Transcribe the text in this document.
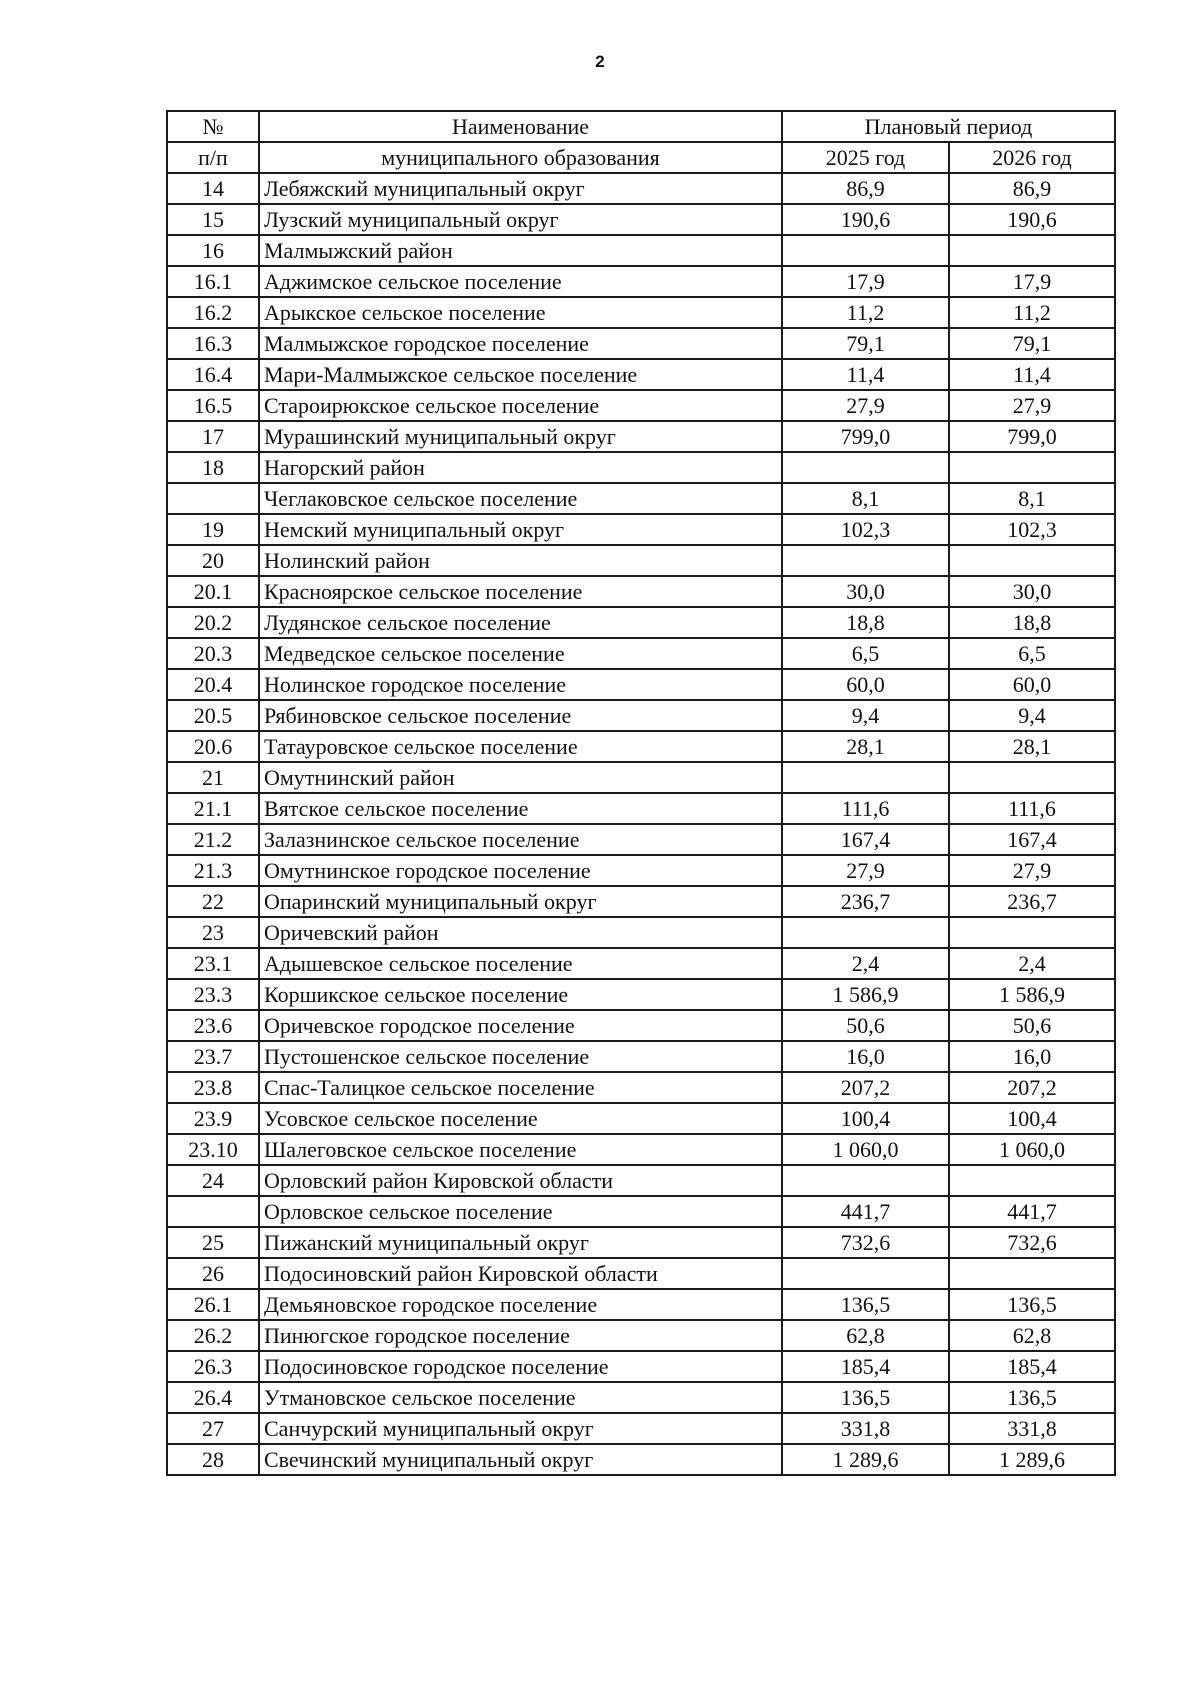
2
№	Наименование	Плановый период	
п/п	муниципального образования	2025 год	2026 год
14	Лебяжский муниципальный округ	86,9	86,9
15	Лузский муниципальный округ	190,6	190,6
16	Малмыжский район		
16.1	Аджимское сельское поселение	17,9	17,9
16.2	Арыкское сельское поселение	11,2	11,2
16.3	Малмыжское городское поселение	79,1	79,1
16.4	Мари-Малмыжское сельское поселение	11,4	11,4
16.5	Староирюкское сельское поселение	27,9	27,9
17	Мурашинский муниципальный округ	799,0	799,0
18	Нагорский район		
	Чеглаковское сельское поселение	8,1	8,1
19	Немский муниципальный округ	102,3	102,3
20	Нолинский район		
20.1	Красноярское сельское поселение	30,0	30,0
20.2	Лудянское сельское поселение	18,8	18,8
20.3	Медведское сельское поселение	6,5	6,5
20.4	Нолинское городское поселение	60,0	60,0
20.5	Рябиновское сельское поселение	9,4	9,4
20.6	Татауровское сельское поселение	28,1	28,1
21	Омутнинский район		
21.1	Вятское сельское поселение	111,6	111,6
21.2	Залазнинское сельское поселение	167,4	167,4
21.3	Омутнинское городское поселение	27,9	27,9
22	Опаринский муниципальный округ	236,7	236,7
23	Оричевский район		
23.1	Адышевское сельское поселение	2,4	2,4
23.3	Коршикское сельское поселение	1 586,9	1 586,9
23.6	Оричевское городское поселение	50,6	50,6
23.7	Пустошенское сельское поселение	16,0	16,0
23.8	Спас-Талицкое сельское поселение	207,2	207,2
23.9	Усовское сельское поселение	100,4	100,4
23.10	Шалеговское сельское поселение	1 060,0	1 060,0
24	Орловский район Кировской области		
	Орловское сельское поселение	441,7	441,7
25	Пижанский муниципальный округ	732,6	732,6
26	Подосиновский район Кировской области		
26.1	Демьяновское городское поселение	136,5	136,5
26.2	Пинюгское городское поселение	62,8	62,8
26.3	Подосиновское городское поселение	185,4	185,4
26.4	Утмановское сельское поселение	136,5	136,5
27	Санчурский муниципальный округ	331,8	331,8
28	Свечинский муниципальный округ	1 289,6	1 289,6
